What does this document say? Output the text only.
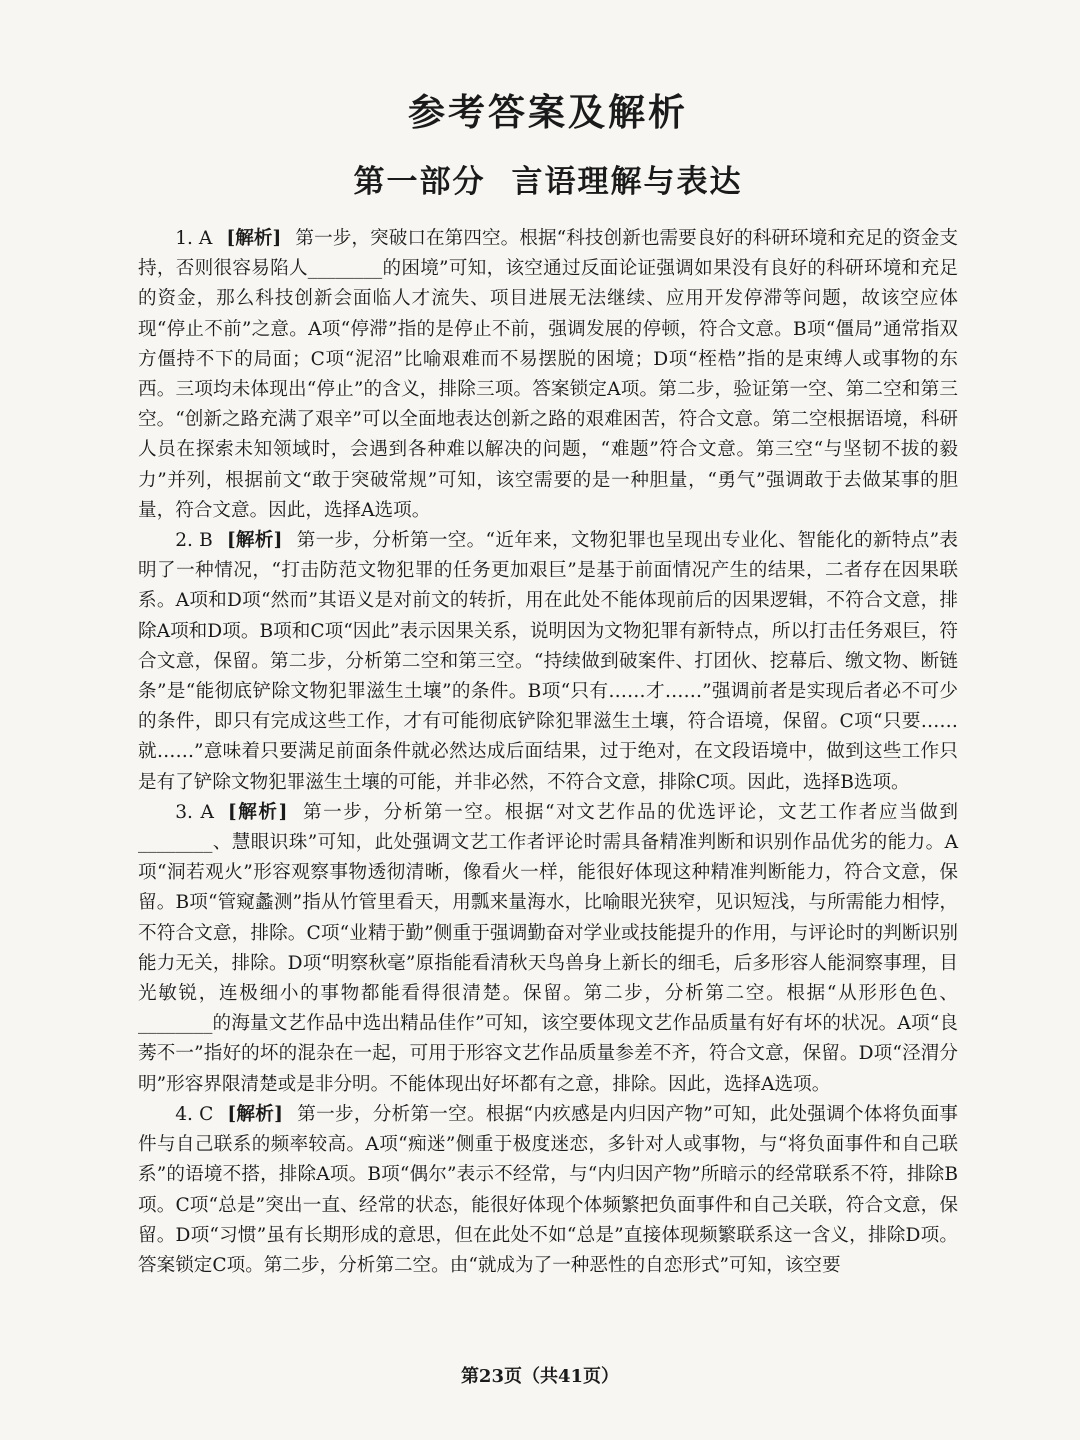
参考答案及解析
第一部分 言语理解与表达

1. A [解析] 第一步，突破口在第四空。根据“科技创新也需要良好的科研环境和充足的资金支持，否则很容易陷人________的困境”可知，该空通过反面论证强调如果没有良好的科研环境和充足的资金，那么科技创新会面临人才流失、项目进展无法继续、应用开发停滞等问题，故该空应体现“停止不前”之意。A项“停滞”指的是停止不前，强调发展的停顿，符合文意。B项“僵局”通常指双方僵持不下的局面；C项“泥沼”比喻艰难而不易摆脱的困境；D项“桎梏”指的是束缚人或事物的东西。三项均未体现出“停止”的含义，排除三项。答案锁定A项。第二步，验证第一空、第二空和第三空。“创新之路充满了艰辛”可以全面地表达创新之路的艰难困苦，符合文意。第二空根据语境，科研人员在探索未知领域时，会遇到各种难以解决的问题，“难题”符合文意。第三空“与坚韧不拔的毅力”并列，根据前文“敢于突破常规”可知，该空需要的是一种胆量，“勇气”强调敢于去做某事的胆量，符合文意。因此，选择A选项。

2. B [解析] 第一步，分析第一空。“近年来，文物犯罪也呈现出专业化、智能化的新特点”表明了一种情况，“打击防范文物犯罪的任务更加艰巨”是基于前面情况产生的结果，二者存在因果联系。A项和D项“然而”其语义是对前文的转折，用在此处不能体现前后的因果逻辑，不符合文意，排除A项和D项。B项和C项“因此”表示因果关系，说明因为文物犯罪有新特点，所以打击任务艰巨，符合文意，保留。第二步，分析第二空和第三空。“持续做到破案件、打团伙、挖幕后、缴文物、断链条”是“能彻底铲除文物犯罪滋生土壤”的条件。B项“只有……才……”强调前者是实现后者必不可少的条件，即只有完成这些工作，才有可能彻底铲除犯罪滋生土壤，符合语境，保留。C项“只要……就……”意味着只要满足前面条件就必然达成后面结果，过于绝对，在文段语境中，做到这些工作只是有了铲除文物犯罪滋生土壤的可能，并非必然，不符合文意，排除C项。因此，选择B选项。

3. A [解析] 第一步，分析第一空。根据“对文艺作品的优选评论，文艺工作者应当做到________、慧眼识珠”可知，此处强调文艺工作者评论时需具备精准判断和识别作品优劣的能力。A项“洞若观火”形容观察事物透彻清晰，像看火一样，能很好体现这种精准判断能力，符合文意，保留。B项“管窥蠡测”指从竹管里看天，用瓢来量海水，比喻眼光狭窄，见识短浅，与所需能力相悖，不符合文意，排除。C项“业精于勤”侧重于强调勤奋对学业或技能提升的作用，与评论时的判断识别能力无关，排除。D项“明察秋毫”原指能看清秋天鸟兽身上新长的细毛，后多形容人能洞察事理，目光敏锐，连极细小的事物都能看得很清楚。保留。第二步，分析第二空。根据“从形形色色、________的海量文艺作品中选出精品佳作”可知，该空要体现文艺作品质量有好有坏的状况。A项“良莠不一”指好的坏的混杂在一起，可用于形容文艺作品质量参差不齐，符合文意，保留。D项“泾渭分明”形容界限清楚或是非分明。不能体现出好坏都有之意，排除。因此，选择A选项。

4. C [解析] 第一步，分析第一空。根据“内疚感是内归因产物”可知，此处强调个体将负面事件与自己联系的频率较高。A项“痴迷”侧重于极度迷恋，多针对人或事物，与“将负面事件和自己联系”的语境不搭，排除A项。B项“偶尔”表示不经常，与“内归因产物”所暗示的经常联系不符，排除B项。C项“总是”突出一直、经常的状态，能很好体现个体频繁把负面事件和自己关联，符合文意，保留。D项“习惯”虽有长期形成的意思，但在此处不如“总是”直接体现频繁联系这一含义，排除D项。答案锁定C项。第二步，分析第二空。由“就成为了一种恶性的自恋形式”可知，该空要

第23页（共41页）
